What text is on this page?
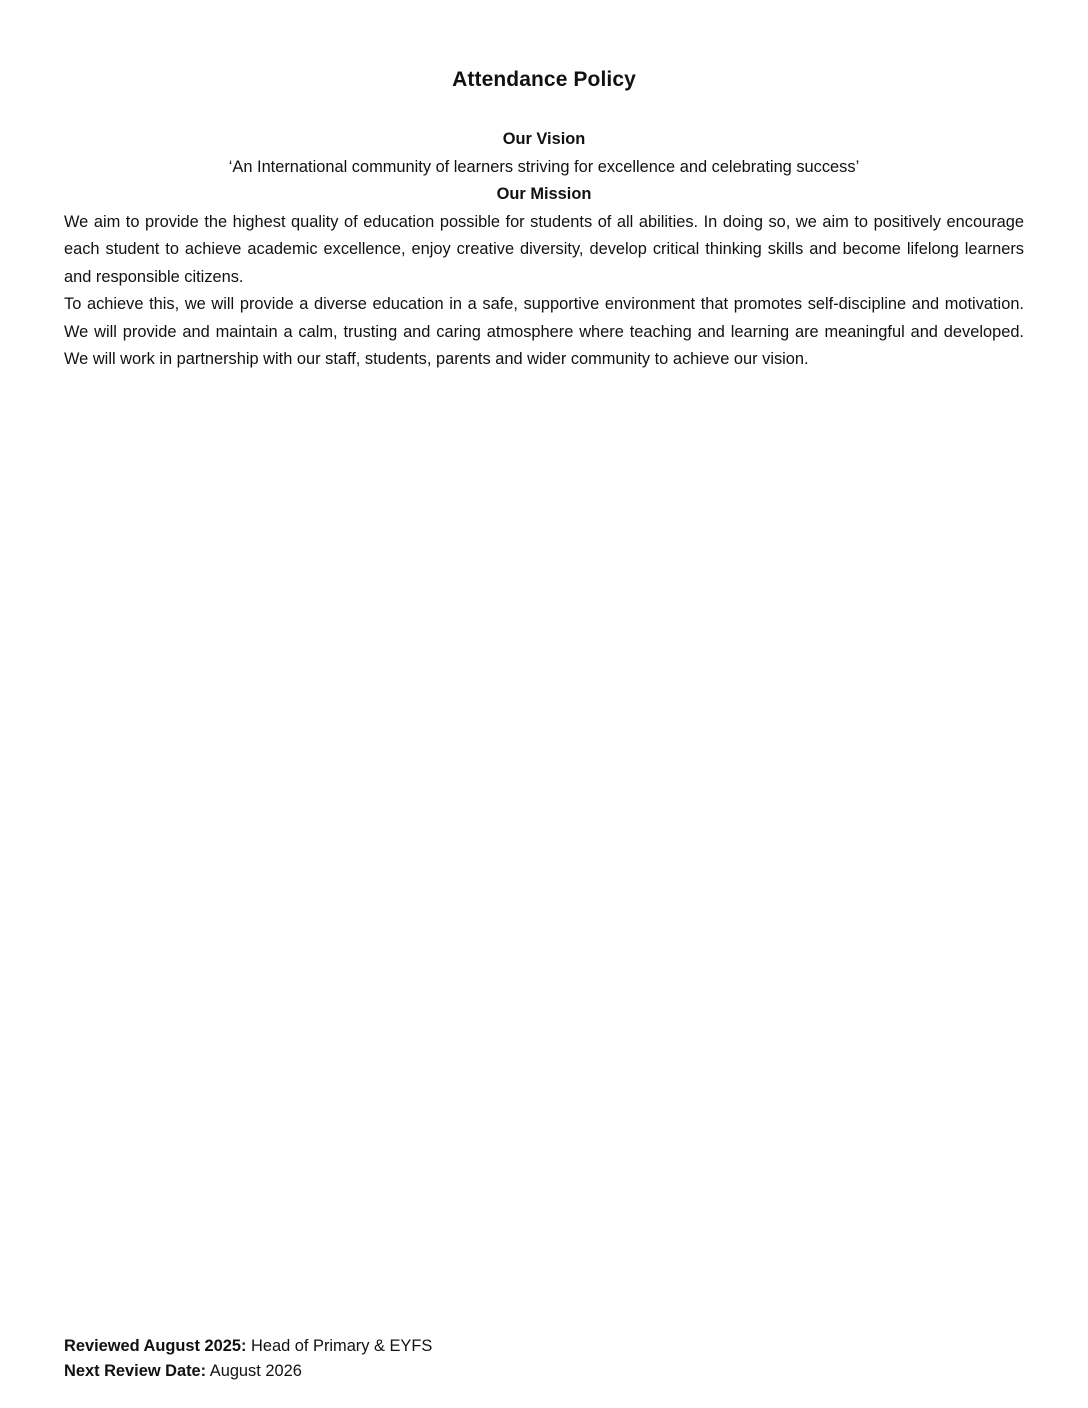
Attendance Policy
Our Vision
‘An International community of learners striving for excellence and celebrating success’
Our Mission

We aim to provide the highest quality of education possible for students of all abilities. In doing so, we aim to positively encourage each student to achieve academic excellence, enjoy creative diversity, develop critical thinking skills and become lifelong learners and responsible citizens.

To achieve this, we will provide a diverse education in a safe, supportive environment that promotes self-discipline and motivation. We will provide and maintain a calm, trusting and caring atmosphere where teaching and learning are meaningful and developed. We will work in partnership with our staff, students, parents and wider community to achieve our vision.

Reviewed August 2025: Head of Primary & EYFS
Next Review Date: August 2026
